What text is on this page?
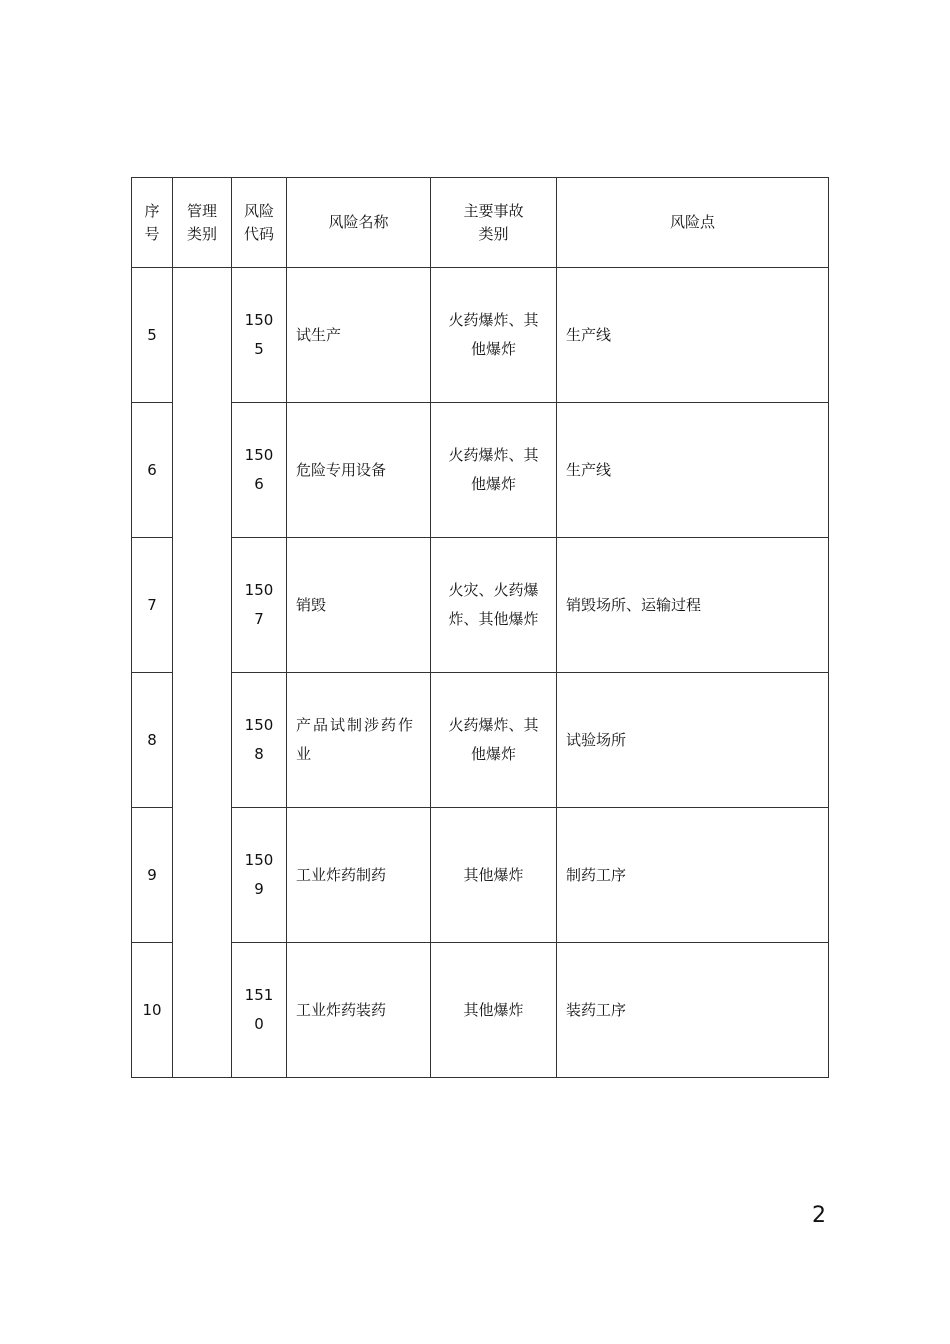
序号	管理类别	风险代码	风险名称	主要事故类别	风险点
5		1505	试生产	火药爆炸、其他爆炸	生产线
6		1506	危险专用设备	火药爆炸、其他爆炸	生产线
7		1507	销毁	火灾、火药爆炸、其他爆炸	销毁场所、运输过程
8		1508	产品试制涉药作业	火药爆炸、其他爆炸	试验场所
9		1509	工业炸药制药	其他爆炸	制药工序
10		1510	工业炸药装药	其他爆炸	装药工序
2
